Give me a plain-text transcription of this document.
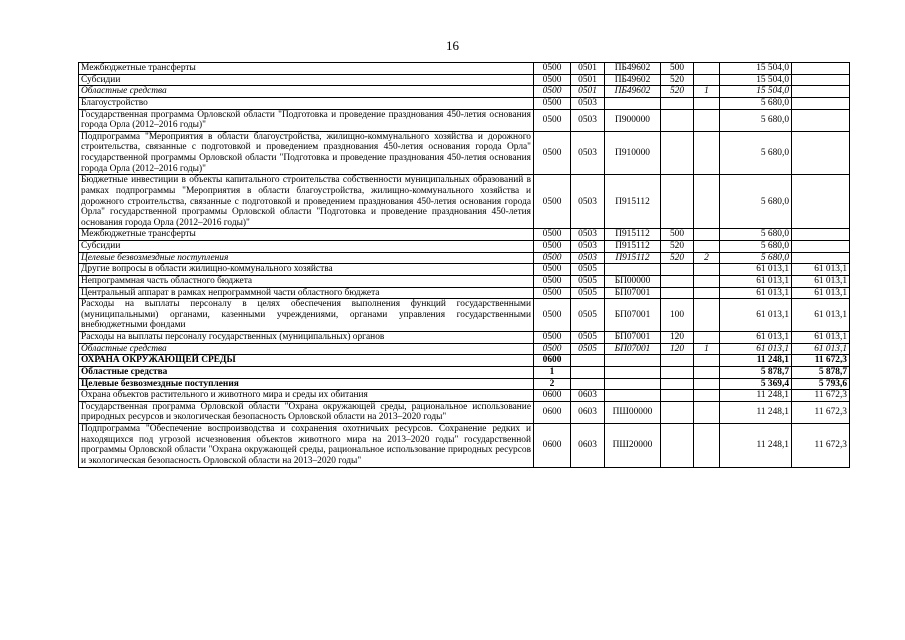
16
Межбюджетные трансферты	0500	0501	ПБ49602	500		15 504,0	
Субсидии	0500	0501	ПБ49602	520		15 504,0	
Областные средства	0500	0501	ПБ49602	520	1	15 504,0	
Благоустройство	0500	0503				5 680,0	
Государственная программа Орловской области "Подготовка и проведение празднования 450-летия основания города Орла (2012–2016 годы)"	0500	0503	П900000			5 680,0	
Подпрограмма "Мероприятия в области благоустройства, жилищно-коммунального хозяйства и дорожного строительства, связанные с подготовкой и проведением празднования 450-летия основания города Орла" государственной программы Орловской области "Подготовка и проведение празднования 450-летия основания города Орла (2012–2016 годы)"	0500	0503	П910000			5 680,0	
Бюджетные инвестиции в объекты капитального строительства собственности муниципальных образований в рамках подпрограммы "Мероприятия в области благоустройства, жилищно-коммунального хозяйства и дорожного строительства, связанные с подготовкой и проведением празднования 450-летия основания города Орла" государственной программы Орловской области "Подготовка и проведение празднования 450-летия основания города Орла (2012–2016 годы)"	0500	0503	П915112			5 680,0	
Межбюджетные трансферты	0500	0503	П915112	500		5 680,0	
Субсидии	0500	0503	П915112	520		5 680,0	
Целевые безвозмездные поступления	0500	0503	П915112	520	2	5 680,0	
Другие вопросы в области жилищно-коммунального хозяйства	0500	0505				61 013,1	61 013,1
Непрограммная часть областного бюджета	0500	0505	БП00000			61 013,1	61 013,1
Центральный аппарат в рамках непрограммной части областного бюджета	0500	0505	БП07001			61 013,1	61 013,1
Расходы на выплаты персоналу в целях обеспечения выполнения функций государственными (муниципальными) органами, казенными учреждениями, органами управления государственными внебюджетными фондами	0500	0505	БП07001	100		61 013,1	61 013,1
Расходы на выплаты персоналу государственных (муниципальных) органов	0500	0505	БП07001	120		61 013,1	61 013,1
Областные средства	0500	0505	БП07001	120	1	61 013,1	61 013,1
ОХРАНА ОКРУЖАЮЩЕЙ СРЕДЫ	0600					11 248,1	11 672,3
Областные средства	1					5 878,7	5 878,7
Целевые безвозмездные поступления	2					5 369,4	5 793,6
Охрана объектов растительного и животного мира и среды их обитания	0600	0603				11 248,1	11 672,3
Государственная программа Орловской области "Охрана окружающей среды, рациональное использование природных ресурсов и экологическая безопасность Орловской области на 2013–2020 годы"	0600	0603	ПШ00000			11 248,1	11 672,3
Подпрограмма "Обеспечение воспроизводства и сохранения охотничьих ресурсов. Сохранение редких и находящихся под угрозой исчезновения объектов животного мира на 2013–2020 годы" государственной программы Орловской области "Охрана окружающей среды, рациональное использование природных ресурсов и экологическая безопасность Орловской области на 2013–2020 годы"	0600	0603	ПШ20000			11 248,1	11 672,3
